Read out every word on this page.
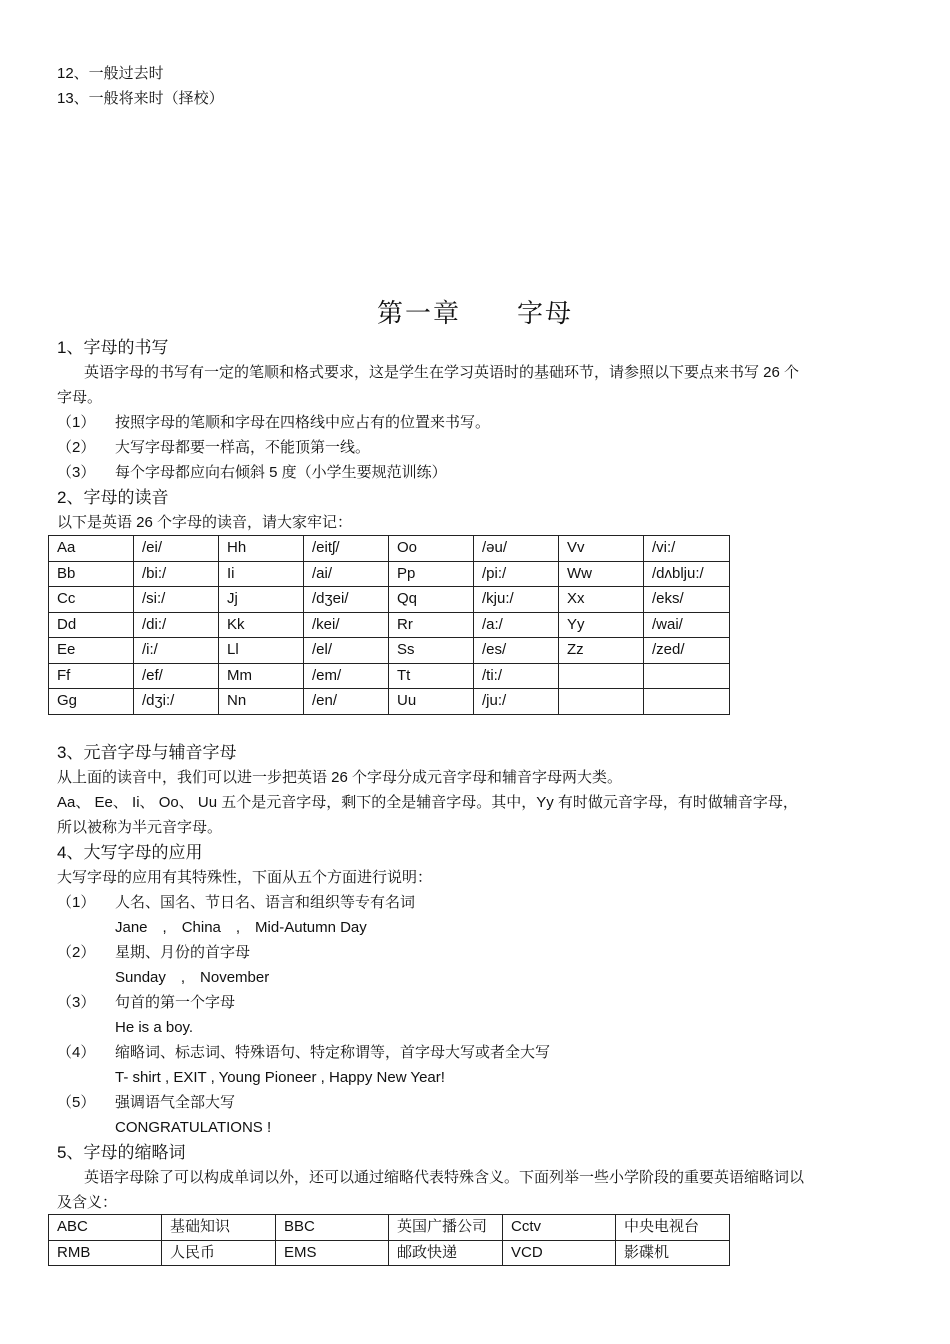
12、一般过去时
13、一般将来时（择校）
第一章　　字母
1、字母的书写
英语字母的书写有一定的笔顺和格式要求，这是学生在学习英语时的基础环节，请参照以下要点来书写 26 个
字母。
（1） 按照字母的笔顺和字母在四格线中应占有的位置来书写。
（2） 大写字母都要一样高，不能顶第一线。
（3） 每个字母都应向右倾斜 5 度（小学生要规范训练）
2、字母的读音
以下是英语 26 个字母的读音，请大家牢记：
Aa	/ei/	Hh	/eitʃ/	Oo	/əu/	Vv	/vi:/
Bb	/bi:/	Ii	/ai/	Pp	/pi:/	Ww	/dʌblju:/
Cc	/si:/	Jj	/dʒei/	Qq	/kju:/	Xx	/eks/
Dd	/di:/	Kk	/kei/	Rr	/a:/	Yy	/wai/
Ee	/i:/	Ll	/el/	Ss	/es/	Zz	/zed/
Ff	/ef/	Mm	/em/	Tt	/ti:/		
Gg	/dʒi:/	Nn	/en/	Uu	/ju:/		
3、元音字母与辅音字母
从上面的读音中，我们可以进一步把英语 26 个字母分成元音字母和辅音字母两大类。
Aa、 Ee、 Ii、 Oo、 Uu 五个是元音字母，剩下的全是辅音字母。其中，Yy 有时做元音字母，有时做辅音字母，
所以被称为半元音字母。
4、大写字母的应用
大写字母的应用有其特殊性，下面从五个方面进行说明：
（1） 人名、国名、节日名、语言和组织等专有名词
Jane　,　China　,　Mid-Autumn Day
（2） 星期、月份的首字母
Sunday　,　November
（3） 句首的第一个字母
He is a boy.
（4） 缩略词、标志词、特殊语句、特定称谓等，首字母大写或者全大写
T- shirt , EXIT , Young Pioneer , Happy New Year!
（5） 强调语气全部大写
CONGRATULATIONS !
5、字母的缩略词
英语字母除了可以构成单词以外，还可以通过缩略代表特殊含义。下面列举一些小学阶段的重要英语缩略词以
及含义：
ABC	基础知识	BBC	英国广播公司	Cctv	中央电视台
RMB	人民币	EMS	邮政快递	VCD	影碟机
